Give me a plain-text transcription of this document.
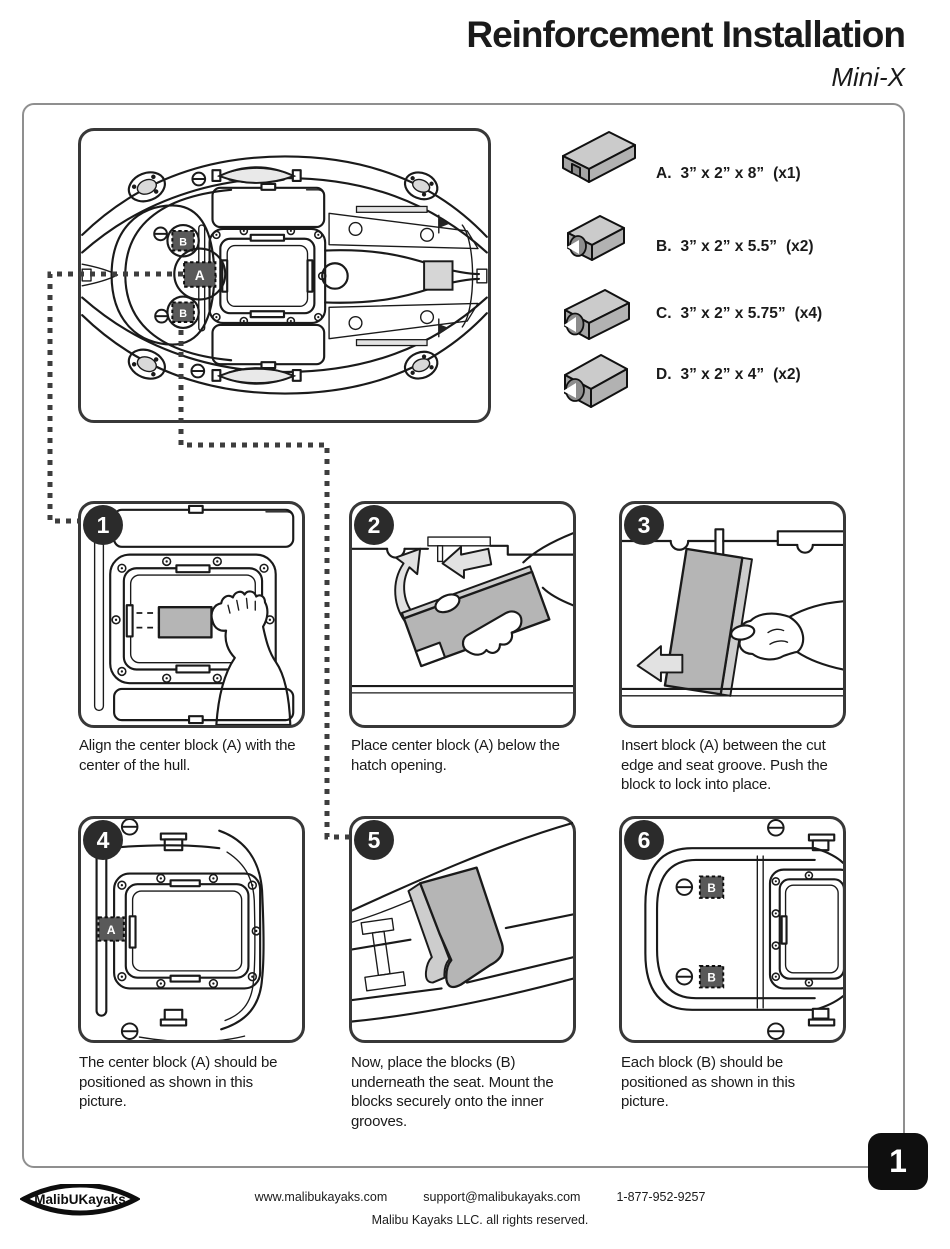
Reinforcement Installation
Mini-X
B
A
B
A. 3” x 2” x 8” (x1)
B. 3” x 2” x 5.5” (x2)
C. 3” x 2” x 5.75” (x4)
D. 3” x 2” x 4” (x2)
1	2	3
A
4	5
B
B
6
Align the center block (A) with the center of the hull.
Place center block (A) below the hatch opening.
Insert block (A) between the cut edge and seat groove. Push the block to lock into place.
The center block (A) should be positioned as shown in this picture.
Now, place the blocks (B) underneath the seat. Mount the blocks securely onto the inner grooves.
Each block (B) should be positioned as shown in this picture.
1
MalibUKayaks	www.malibukayaks.com	support@malibukayaks.com	1-877-952-9257
Malibu Kayaks LLC. all rights reserved.
